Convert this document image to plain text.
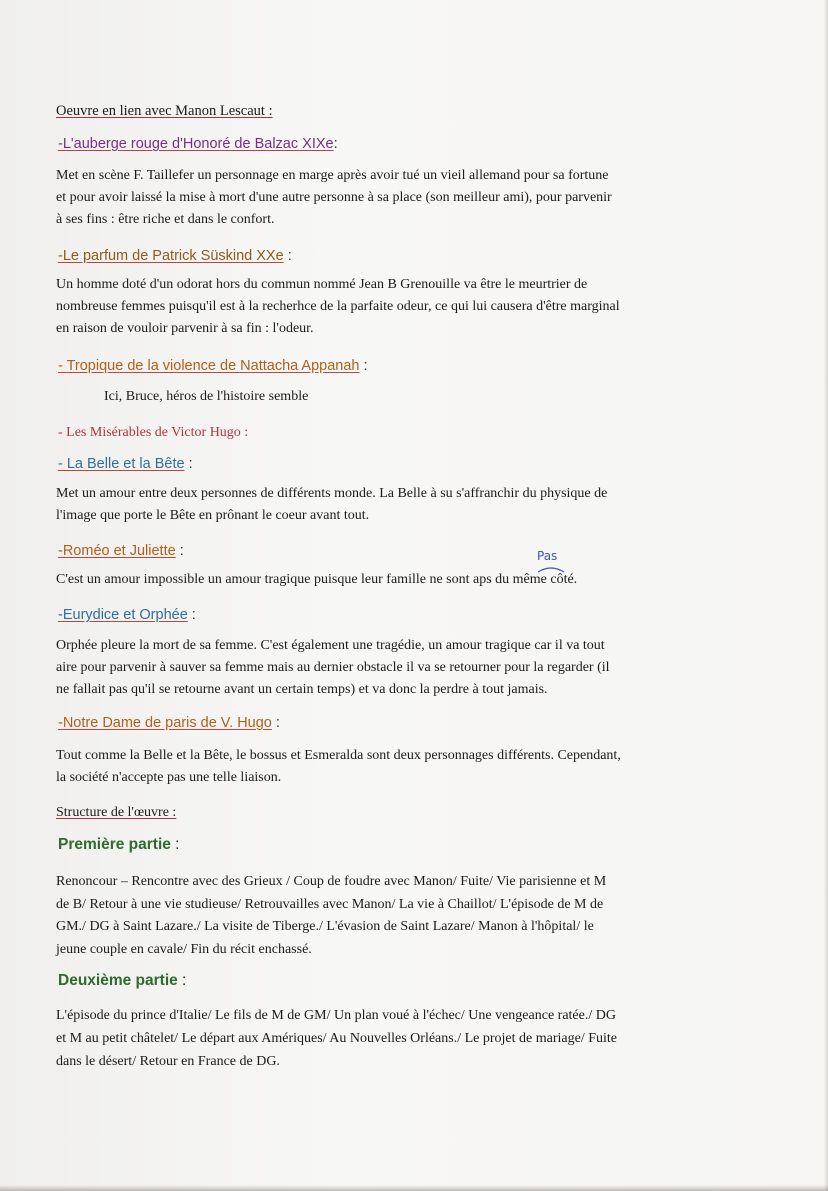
Oeuvre en lien avec Manon Lescaut :
-L'auberge rouge d'Honoré de Balzac XIXe:
Met en scène F. Taillefer un personnage en marge après avoir tué un vieil allemand pour sa fortune
et pour avoir laissé la mise à mort d'une autre personne à sa place (son meilleur ami), pour parvenir
à ses fins : être riche et dans le confort.
-Le parfum de Patrick Süskind XXe :
Un homme doté d'un odorat hors du commun nommé Jean B Grenouille va être le meurtrier de
nombreuse femmes puisqu'il est à la recherhce de la parfaite odeur, ce qui lui causera d'être marginal
en raison de vouloir parvenir à sa fin : l'odeur.
- Tropique de la violence de Nattacha Appanah :
Ici, Bruce, héros de l'histoire semble
- Les Misérables de Victor Hugo :
- La Belle et la Bête :
Met un amour entre deux personnes de différents monde. La Belle à su s'affranchir du physique de
l'image que porte le Bête en prônant le coeur avant tout.
-Roméo et Juliette :	Pas
C'est un amour impossible un amour tragique puisque leur famille ne sont aps du même côté.
-Eurydice et Orphée :
Orphée pleure la mort de sa femme. C'est également une tragédie, un amour tragique car il va tout
aire pour parvenir à sauver sa femme mais au dernier obstacle il va se retourner pour la regarder (il
ne fallait pas qu'il se retourne avant un certain temps) et va donc la perdre à tout jamais.
-Notre Dame de paris de V. Hugo :
Tout comme la Belle et la Bête, le bossus et Esmeralda sont deux personnages différents. Cependant,
la société n'accepte pas une telle liaison.
Structure de l'œuvre :
Première partie :
Renoncour – Rencontre avec des Grieux / Coup de foudre avec Manon/ Fuite/ Vie parisienne et M
de B/ Retour à une vie studieuse/ Retrouvailles avec Manon/ La vie à Chaillot/ L'épisode de M de
GM./ DG à Saint Lazare./ La visite de Tiberge./ L'évasion de Saint Lazare/ Manon à l'hôpital/ le
jeune couple en cavale/ Fin du récit enchassé.
Deuxième partie :
L'épisode du prince d'Italie/ Le fils de M de GM/ Un plan voué à l'échec/ Une vengeance ratée./ DG
et M au petit châtelet/ Le départ aux Amériques/ Au Nouvelles Orléans./ Le projet de mariage/ Fuite
dans le désert/ Retour en France de DG.
